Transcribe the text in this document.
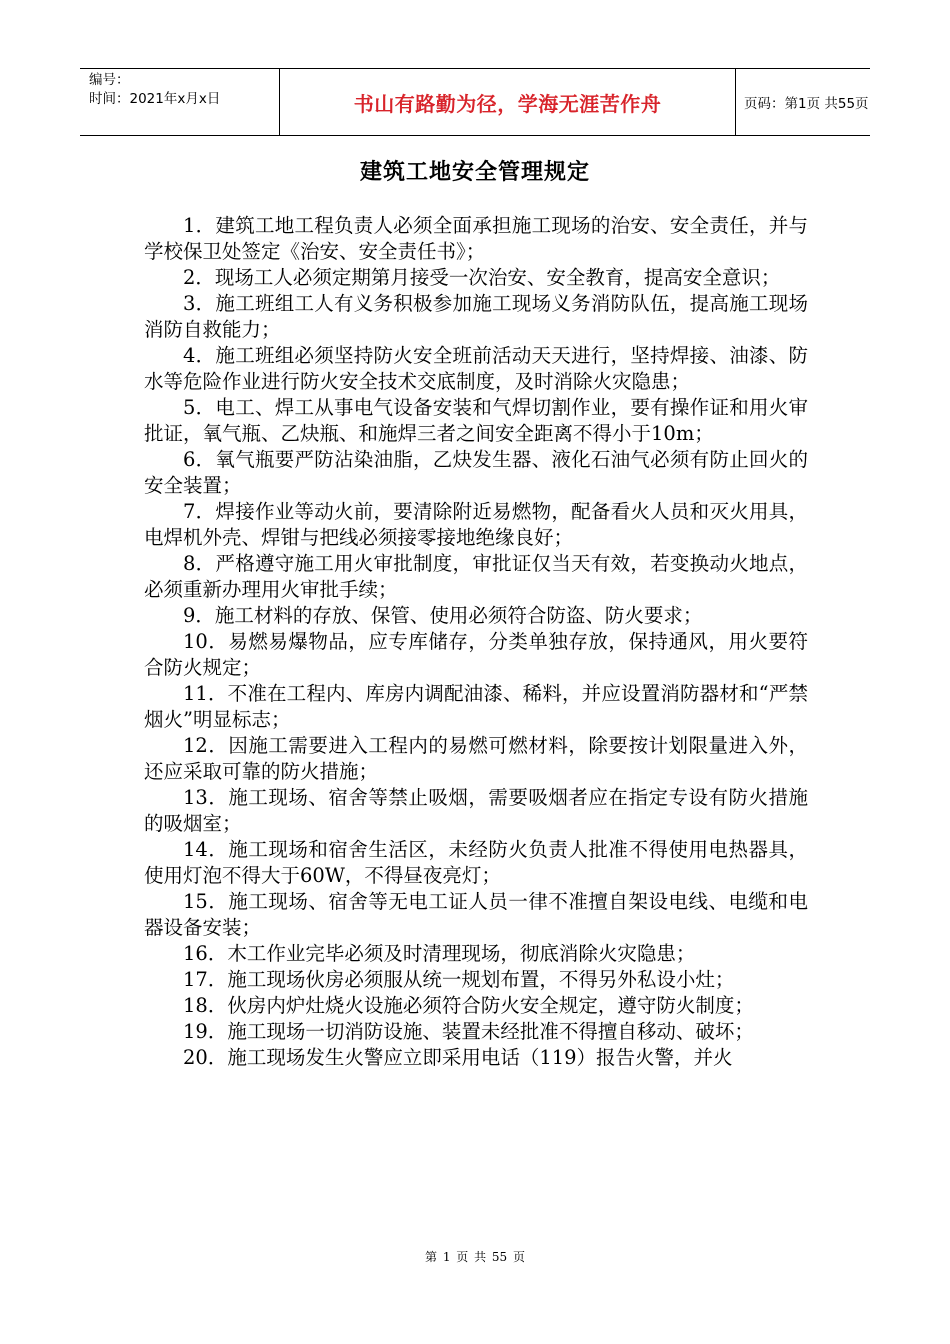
编号：
时间：2021年x月x日	书山有路勤为径，学海无涯苦作舟	页码：第1页 共55页
建筑工地安全管理规定

1．建筑工地工程负责人必须全面承担施工现场的治安、安全责任，并与学校保卫处签定《治安、安全责任书》；

2．现场工人必须定期第月接受一次治安、安全教育，提高安全意识；

3．施工班组工人有义务积极参加施工现场义务消防队伍，提高施工现场消防自救能力；

4．施工班组必须坚持防火安全班前活动天天进行，坚持焊接、油漆、防水等危险作业进行防火安全技术交底制度，及时消除火灾隐患；

5．电工、焊工从事电气设备安装和气焊切割作业，要有操作证和用火审批证，氧气瓶、乙炔瓶、和施焊三者之间安全距离不得小于10m；

6．氧气瓶要严防沾染油脂，乙炔发生器、液化石油气必须有防止回火的安全装置；

7．焊接作业等动火前，要清除附近易燃物，配备看火人员和灭火用具，电焊机外壳、焊钳与把线必须接零接地绝缘良好；

8．严格遵守施工用火审批制度，审批证仅当天有效，若变换动火地点，必须重新办理用火审批手续；

9．施工材料的存放、保管、使用必须符合防盗、防火要求；

10．易燃易爆物品，应专库储存，分类单独存放，保持通风，用火要符合防火规定；

11．不准在工程内、库房内调配油漆、稀料，并应设置消防器材和“严禁烟火”明显标志；

12．因施工需要进入工程内的易燃可燃材料，除要按计划限量进入外，还应采取可靠的防火措施；

13．施工现场、宿舍等禁止吸烟，需要吸烟者应在指定专设有防火措施的吸烟室；

14．施工现场和宿舍生活区，未经防火负责人批准不得使用电热器具，使用灯泡不得大于60W，不得昼夜亮灯；

15．施工现场、宿舍等无电工证人员一律不准擅自架设电线、电缆和电器设备安装；

16．木工作业完毕必须及时清理现场，彻底消除火灾隐患；

17．施工现场伙房必须服从统一规划布置，不得另外私设小灶；

18．伙房内炉灶烧火设施必须符合防火安全规定，遵守防火制度；

19．施工现场一切消防设施、装置未经批准不得擅自移动、破坏；

20．施工现场发生火警应立即采用电话（119）报告火警，并火

第 1 页 共 55 页
